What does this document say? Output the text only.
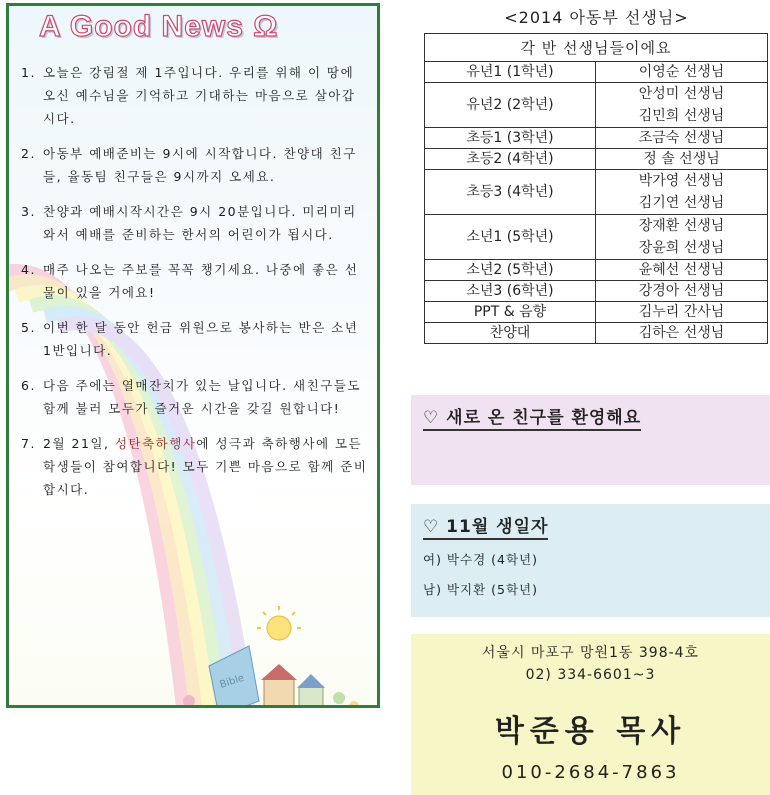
A Good News Ω
1. 오늘은 강림절 제 1주입니다. 우리를 위해 이 땅에 오신 예수님을 기억하고 기대하는 마음으로 살아갑시다.
2. 아동부 예배준비는 9시에 시작합니다. 찬양대 친구들, 율동팀 친구들은 9시까지 오세요.
3. 찬양과 예배시작시간은 9시 20분입니다. 미리미리 와서 예배를 준비하는 한서의 어린이가 됩시다.
4. 매주 나오는 주보를 꼭꼭 챙기세요. 나중에 좋은 선물이 있을 거에요!
5. 이번 한 달 동안 헌금 위원으로 봉사하는 반은 소년 1반입니다.
6. 다음 주에는 열매잔치가 있는 날입니다. 새친구들도 함께 불러 모두가 즐거운 시간을 갖길 원합니다!
7. 2월 21일, 성탄축하행사에 성극과 축하행사에 모든 학생들이 참여합니다! 모두 기쁜 마음으로 함께 준비합시다.
Bible
<2014 아동부 선생님>
각 반 선생님들이에요	
유년1 (1학년)	이영순 선생님
유년2 (2학년)	안성미 선생님
김민희 선생님

초등1 (3학년)	조금숙 선생님
초등2 (4학년)	정 솔 선생님
초등3 (4학년)	박가영 선생님
김기연 선생님

소년1 (5학년)	장재환 선생님
장윤희 선생님

소년2 (5학년)	윤혜선 선생님
소년3 (6학년)	강경아 선생님
PPT & 음향	김누리 간사님
찬양대	김하은 선생님
♡ 새로 온 친구를 환영해요
♡ 11월 생일자
여) 박수경 (4학년)
남) 박지환 (5학년)
서울시 마포구 망원1동 398-4호
02) 334-6601~3
박준용 목사
010-2684-7863
